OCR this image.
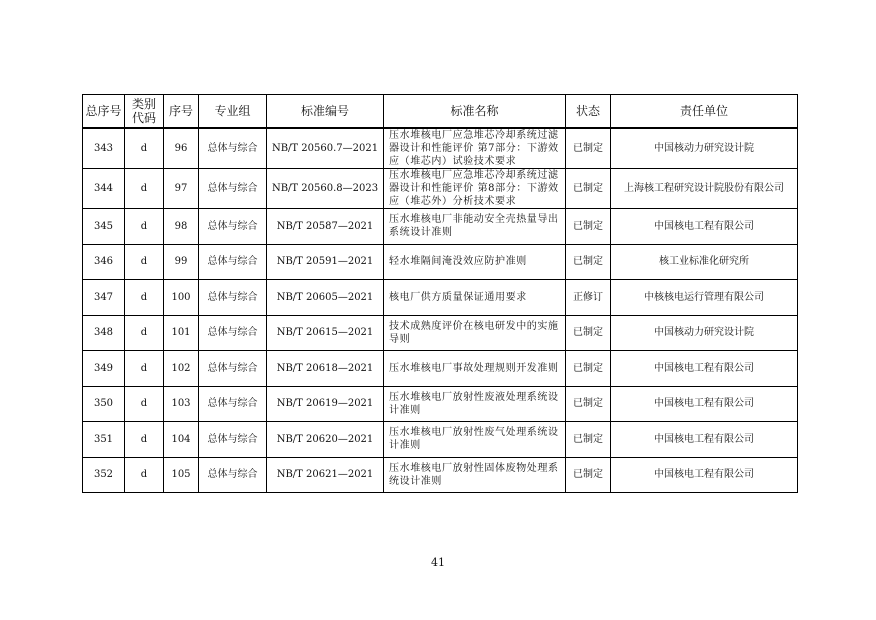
总序号	类别代码	序号	专业组	标准编号	标准名称	状态	责任单位
343	d	96	总体与综合	NB/T 20560.7—2021	压水堆核电厂应急堆芯冷却系统过滤器设计和性能评价 第7部分：下游效应（堆芯内）试验技术要求	已制定	中国核动力研究设计院
344	d	97	总体与综合	NB/T 20560.8—2023	压水堆核电厂应急堆芯冷却系统过滤器设计和性能评价 第8部分：下游效应（堆芯外）分析技术要求	已制定	上海核工程研究设计院股份有限公司
345	d	98	总体与综合	NB/T 20587—2021	压水堆核电厂非能动安全壳热量导出系统设计准则	已制定	中国核电工程有限公司
346	d	99	总体与综合	NB/T 20591—2021	轻水堆隔间淹没效应防护准则	已制定	核工业标准化研究所
347	d	100	总体与综合	NB/T 20605—2021	核电厂供方质量保证通用要求	正修订	中核核电运行管理有限公司
348	d	101	总体与综合	NB/T 20615—2021	技术成熟度评价在核电研发中的实施导则	已制定	中国核动力研究设计院
349	d	102	总体与综合	NB/T 20618—2021	压水堆核电厂事故处理规则开发准则	已制定	中国核电工程有限公司
350	d	103	总体与综合	NB/T 20619—2021	压水堆核电厂放射性废液处理系统设计准则	已制定	中国核电工程有限公司
351	d	104	总体与综合	NB/T 20620—2021	压水堆核电厂放射性废气处理系统设计准则	已制定	中国核电工程有限公司
352	d	105	总体与综合	NB/T 20621—2021	压水堆核电厂放射性固体废物处理系统设计准则	已制定	中国核电工程有限公司
41
